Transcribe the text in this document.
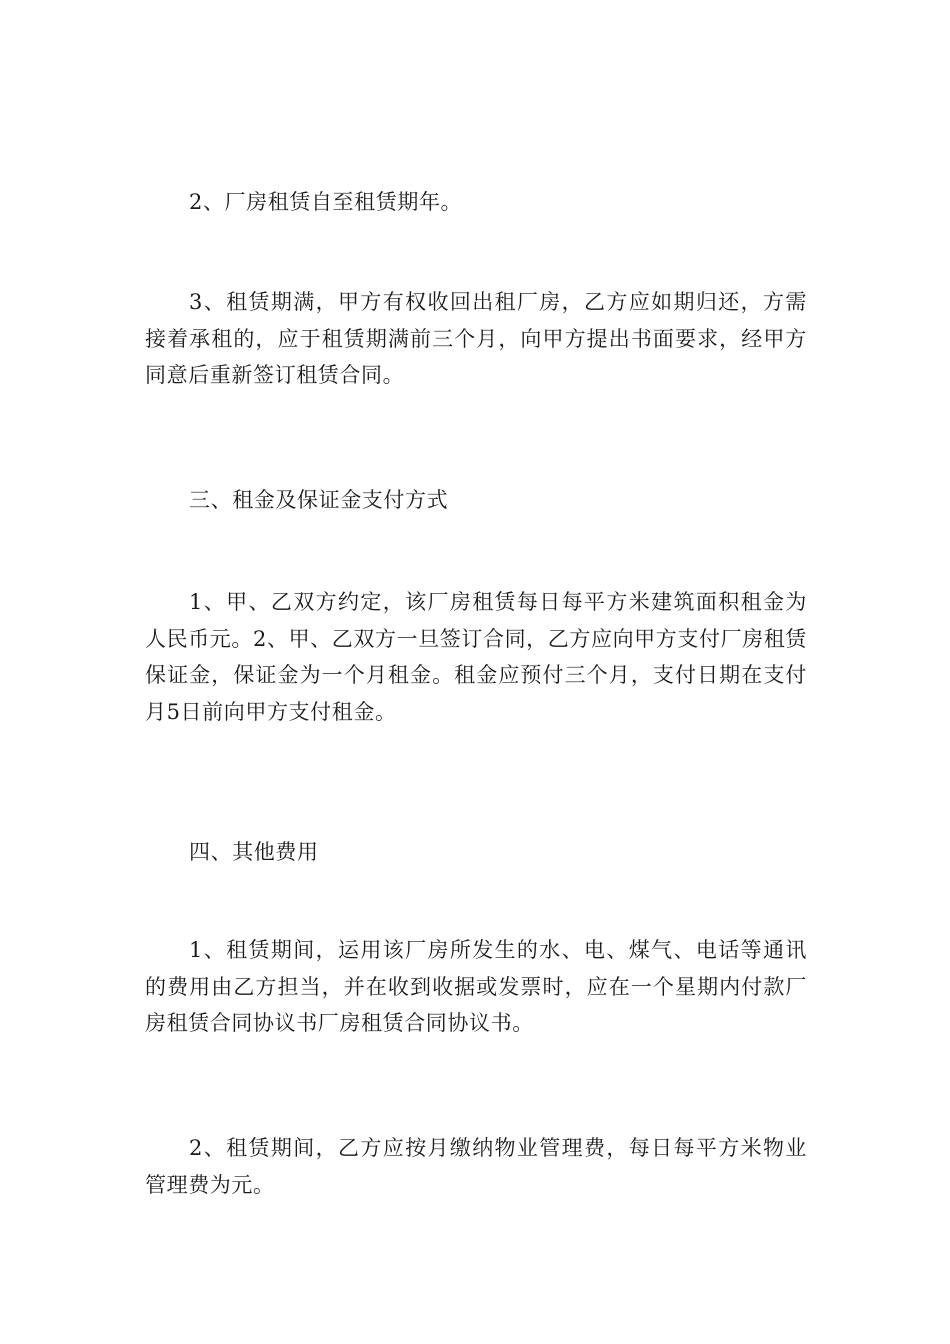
2、厂房租赁自至租赁期年。

3、租赁期满，甲方有权收回出租厂房，乙方应如期归还，方需接着承租的，应于租赁期满前三个月，向甲方提出书面要求，经甲方同意后重新签订租赁合同。

三、租金及保证金支付方式

1、甲、乙双方约定，该厂房租赁每日每平方米建筑面积租金为人民币元。2、甲、乙双方一旦签订合同，乙方应向甲方支付厂房租赁保证金，保证金为一个月租金。租金应预付三个月，支付日期在支付月5日前向甲方支付租金。

四、其他费用

1、租赁期间，运用该厂房所发生的水、电、煤气、电话等通讯的费用由乙方担当，并在收到收据或发票时，应在一个星期内付款厂房租赁合同协议书厂房租赁合同协议书。

2、租赁期间，乙方应按月缴纳物业管理费，每日每平方米物业管理费为元。
